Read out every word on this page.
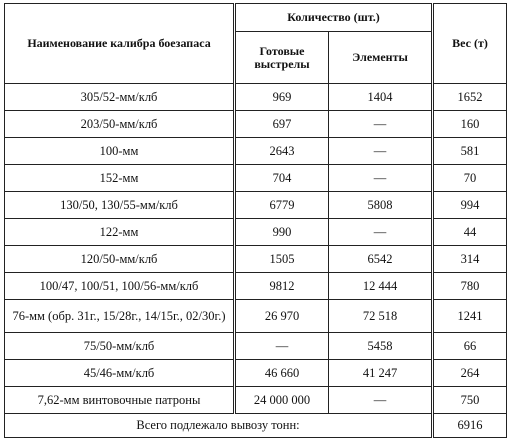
Наименование калибра боезапаса	Количество (шт.)		Вес (т)
	Готовые выстрелы	Элементы	
305/52-мм/клб	969	1404	1652
203/50-мм/клб	697	—	160
100-мм	2643	—	581
152-мм	704	—	70
130/50, 130/55-мм/клб	6779	5808	994
122-мм	990	—	44
120/50-мм/клб	1505	6542	314
100/47, 100/51, 100/56-мм/клб	9812	12 444	780
76-мм (обр. 31г., 15/28г., 14/15г., 02/30г.)	26 970	72 518	1241
75/50-мм/клб	—	5458	66
45/46-мм/клб	46 660	41 247	264
7,62-мм винтовочные патроны	24 000 000	—	750
Всего подлежало вывозу тонн:			6916
